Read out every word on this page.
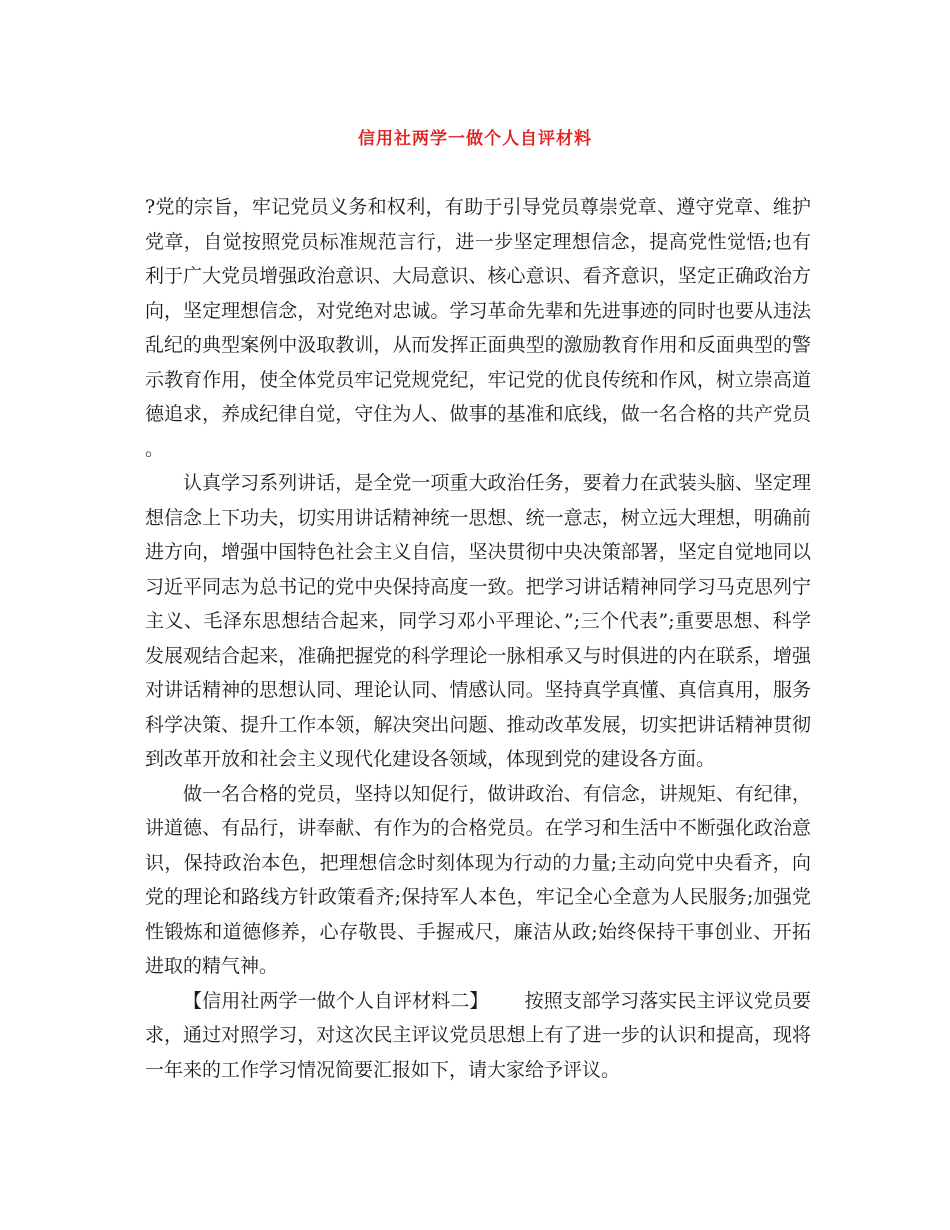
信用社两学一做个人自评材料

?党的宗旨，牢记党员义务和权利，有助于引导党员尊崇党章、遵守党章、维护党章，自觉按照党员标准规范言行，进一步坚定理想信念，提高党性觉悟;也有利于广大党员增强政治意识、大局意识、核心意识、看齐意识，坚定正确政治方向，坚定理想信念，对党绝对忠诚。学习革命先辈和先进事迹的同时也要从违法乱纪的典型案例中汲取教训，从而发挥正面典型的激励教育作用和反面典型的警示教育作用，使全体党员牢记党规党纪，牢记党的优良传统和作风，树立崇高道德追求，养成纪律自觉，守住为人、做事的基准和底线，做一名合格的共产党员。

认真学习系列讲话，是全党一项重大政治任务，要着力在武装头脑、坚定理想信念上下功夫，切实用讲话精神统一思想、统一意志，树立远大理想，明确前进方向，增强中国特色社会主义自信，坚决贯彻中央决策部署，坚定自觉地同以习近平同志为总书记的党中央保持高度一致。把学习讲话精神同学习马克思列宁主义、毛泽东思想结合起来，同学习邓小平理论、”;三个代表”;重要思想、科学发展观结合起来，准确把握党的科学理论一脉相承又与时俱进的内在联系，增强对讲话精神的思想认同、理论认同、情感认同。坚持真学真懂、真信真用，服务科学决策、提升工作本领，解决突出问题、推动改革发展，切实把讲话精神贯彻到改革开放和社会主义现代化建设各领域，体现到党的建设各方面。

做一名合格的党员，坚持以知促行，做讲政治、有信念，讲规矩、有纪律，讲道德、有品行，讲奉献、有作为的合格党员。在学习和生活中不断强化政治意识，保持政治本色，把理想信念时刻体现为行动的力量;主动向党中央看齐，向党的理论和路线方针政策看齐;保持军人本色，牢记全心全意为人民服务;加强党性锻炼和道德修养，心存敬畏、手握戒尺，廉洁从政;始终保持干事创业、开拓进取的精气神。

【信用社两学一做个人自评材料二】 按照支部学习落实民主评议党员要求，通过对照学习，对这次民主评议党员思想上有了进一步的认识和提高，现将一年来的工作学习情况简要汇报如下，请大家给予评议。
